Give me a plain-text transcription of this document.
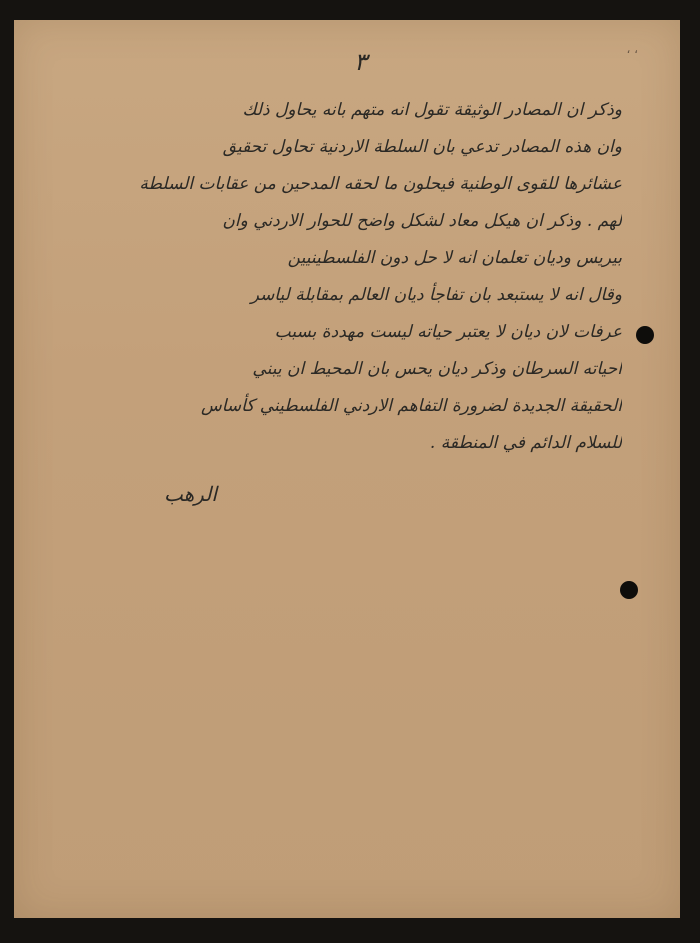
، ،
٣
وذكر ان المصادر الوثيقة تقول انه متهم بانه يحاول ذلك
وان هذه المصادر تدعي بان السلطة الاردنية تحاول تحقيق
عشائرها للقوى الوطنية فيحلون ما لحقه المدحين من عقابات السلطة
لهم . وذكر ان هيكل معاد لشكل واضح للحوار الاردني وان
بيريس وديان تعلمان انه لا حل دون الفلسطينيين
وقال انه لا يستبعد بان تفاجأ ديان العالم بمقابلة لياسر
عرفات لان ديان لا يعتبر حياته ليست مهددة بسبب
احياته السرطان وذكر ديان يحس بان المحيط ان يبني
الحقيقة الجديدة لضرورة التفاهم الاردني الفلسطيني كأساس
للسلام الدائم في المنطقة .
الرهب
